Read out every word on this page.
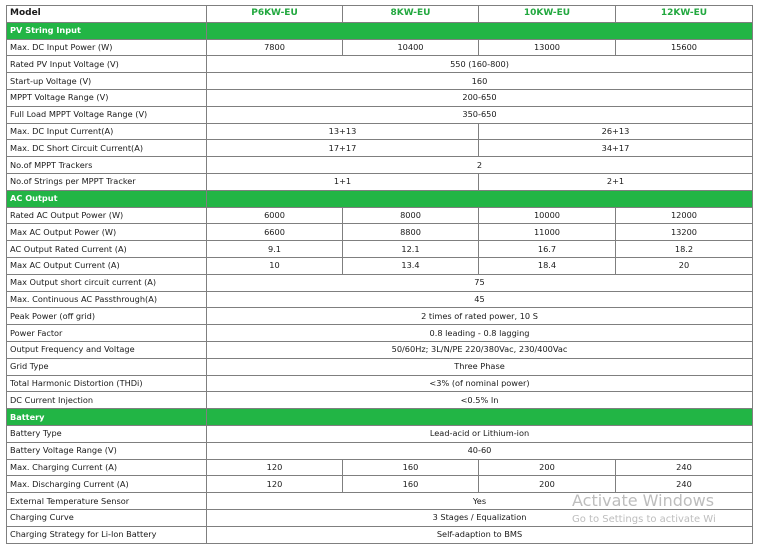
Model	P6KW-EU	8KW-EU	10KW-EU	12KW-EU
PV String Input				
Max. DC Input Power (W)	7800	10400	13000	15600
Rated PV Input Voltage (V)	550 (160-800)			
Start-up Voltage (V)	160			
MPPT Voltage Range (V)	200-650			
Full Load MPPT Voltage Range (V)	350-650			
Max. DC Input Current(A)	13+13		26+13	
Max. DC Short Circuit Current(A)	17+17		34+17	
No.of MPPT Trackers	2			
No.of Strings per MPPT Tracker	1+1		2+1	
AC Output				
Rated AC Output Power (W)	6000	8000	10000	12000
Max AC Output Power (W)	6600	8800	11000	13200
AC Output Rated Current (A)	9.1	12.1	16.7	18.2
Max AC Output Current (A)	10	13.4	18.4	20
Max Output short circuit current (A)	75			
Max. Continuous AC Passthrough(A)	45			
Peak Power (off grid)	2 times of rated power, 10 S			
Power Factor	0.8 leading - 0.8 lagging			
Output Frequency and Voltage	50/60Hz; 3L/N/PE 220/380Vac, 230/400Vac			
Grid Type	Three Phase			
Total Harmonic Distortion (THDi)	<3% (of nominal power)			
DC Current Injection	<0.5% In			
Battery				
Battery Type	Lead-acid or Lithium-ion			
Battery Voltage Range (V)	40-60			
Max. Charging Current (A)	120	160	200	240
Max. Discharging Current (A)	120	160	200	240
External Temperature Sensor	Yes			
Charging Curve	3 Stages / Equalization			
Charging Strategy for Li-Ion Battery	Self-adaption to BMS			
Activate Windows
Go to Settings to activate Wi
